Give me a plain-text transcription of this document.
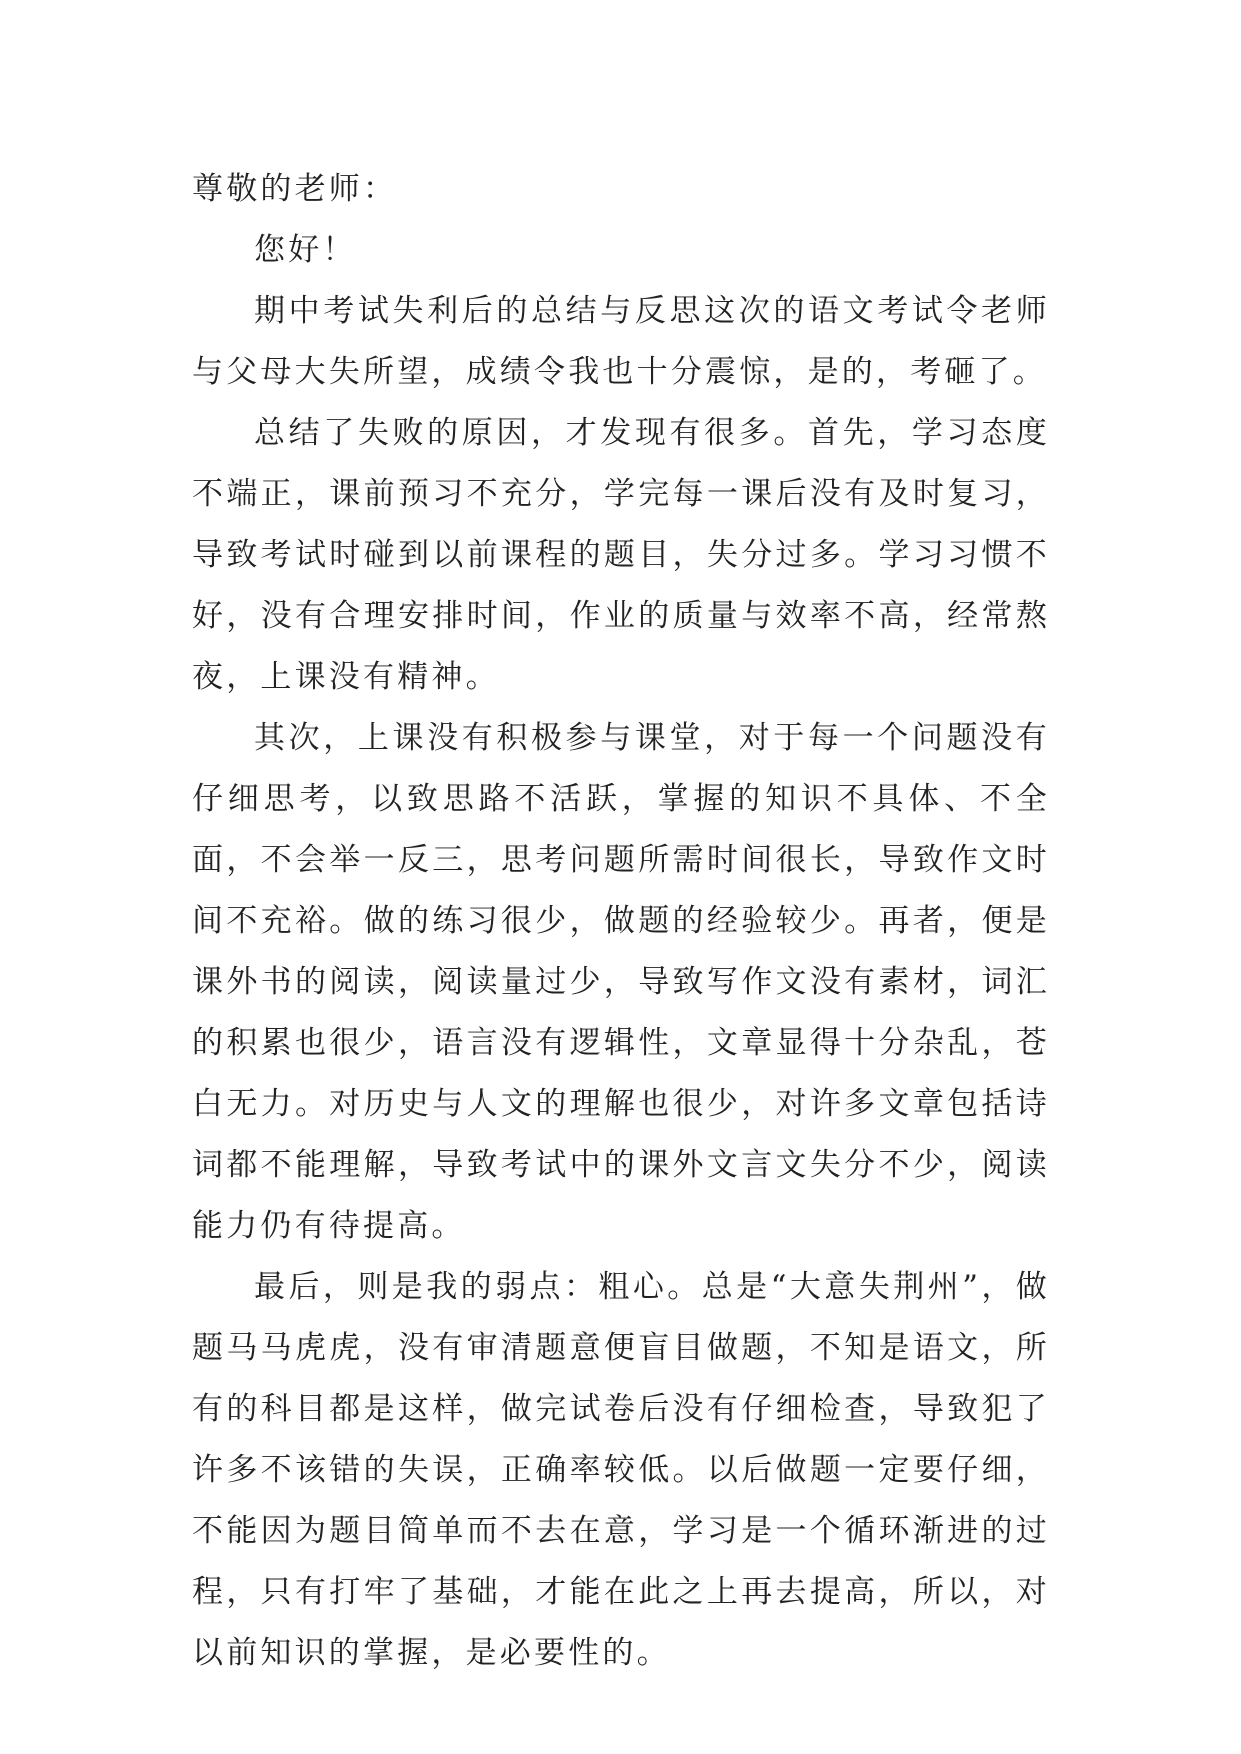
尊敬的老师：

您好！

期中考试失利后的总结与反思这次的语文考试令老师与父母大失所望，成绩令我也十分震惊，是的，考砸了。

总结了失败的原因，才发现有很多。首先，学习态度不端正，课前预习不充分，学完每一课后没有及时复习，导致考试时碰到以前课程的题目，失分过多。学习习惯不好，没有合理安排时间，作业的质量与效率不高，经常熬夜，上课没有精神。

其次，上课没有积极参与课堂，对于每一个问题没有仔细思考，以致思路不活跃，掌握的知识不具体、不全面，不会举一反三，思考问题所需时间很长，导致作文时间不充裕。做的练习很少，做题的经验较少。再者，便是课外书的阅读，阅读量过少，导致写作文没有素材，词汇的积累也很少，语言没有逻辑性，文章显得十分杂乱，苍白无力。对历史与人文的理解也很少，对许多文章包括诗词都不能理解，导致考试中的课外文言文失分不少，阅读能力仍有待提高。

最后，则是我的弱点：粗心。总是“大意失荆州”，做题马马虎虎，没有审清题意便盲目做题，不知是语文，所有的科目都是这样，做完试卷后没有仔细检查，导致犯了许多不该错的失误，正确率较低。以后做题一定要仔细，不能因为题目简单而不去在意，学习是一个循环渐进的过程，只有打牢了基础，才能在此之上再去提高，所以，对以前知识的掌握，是必要性的。
